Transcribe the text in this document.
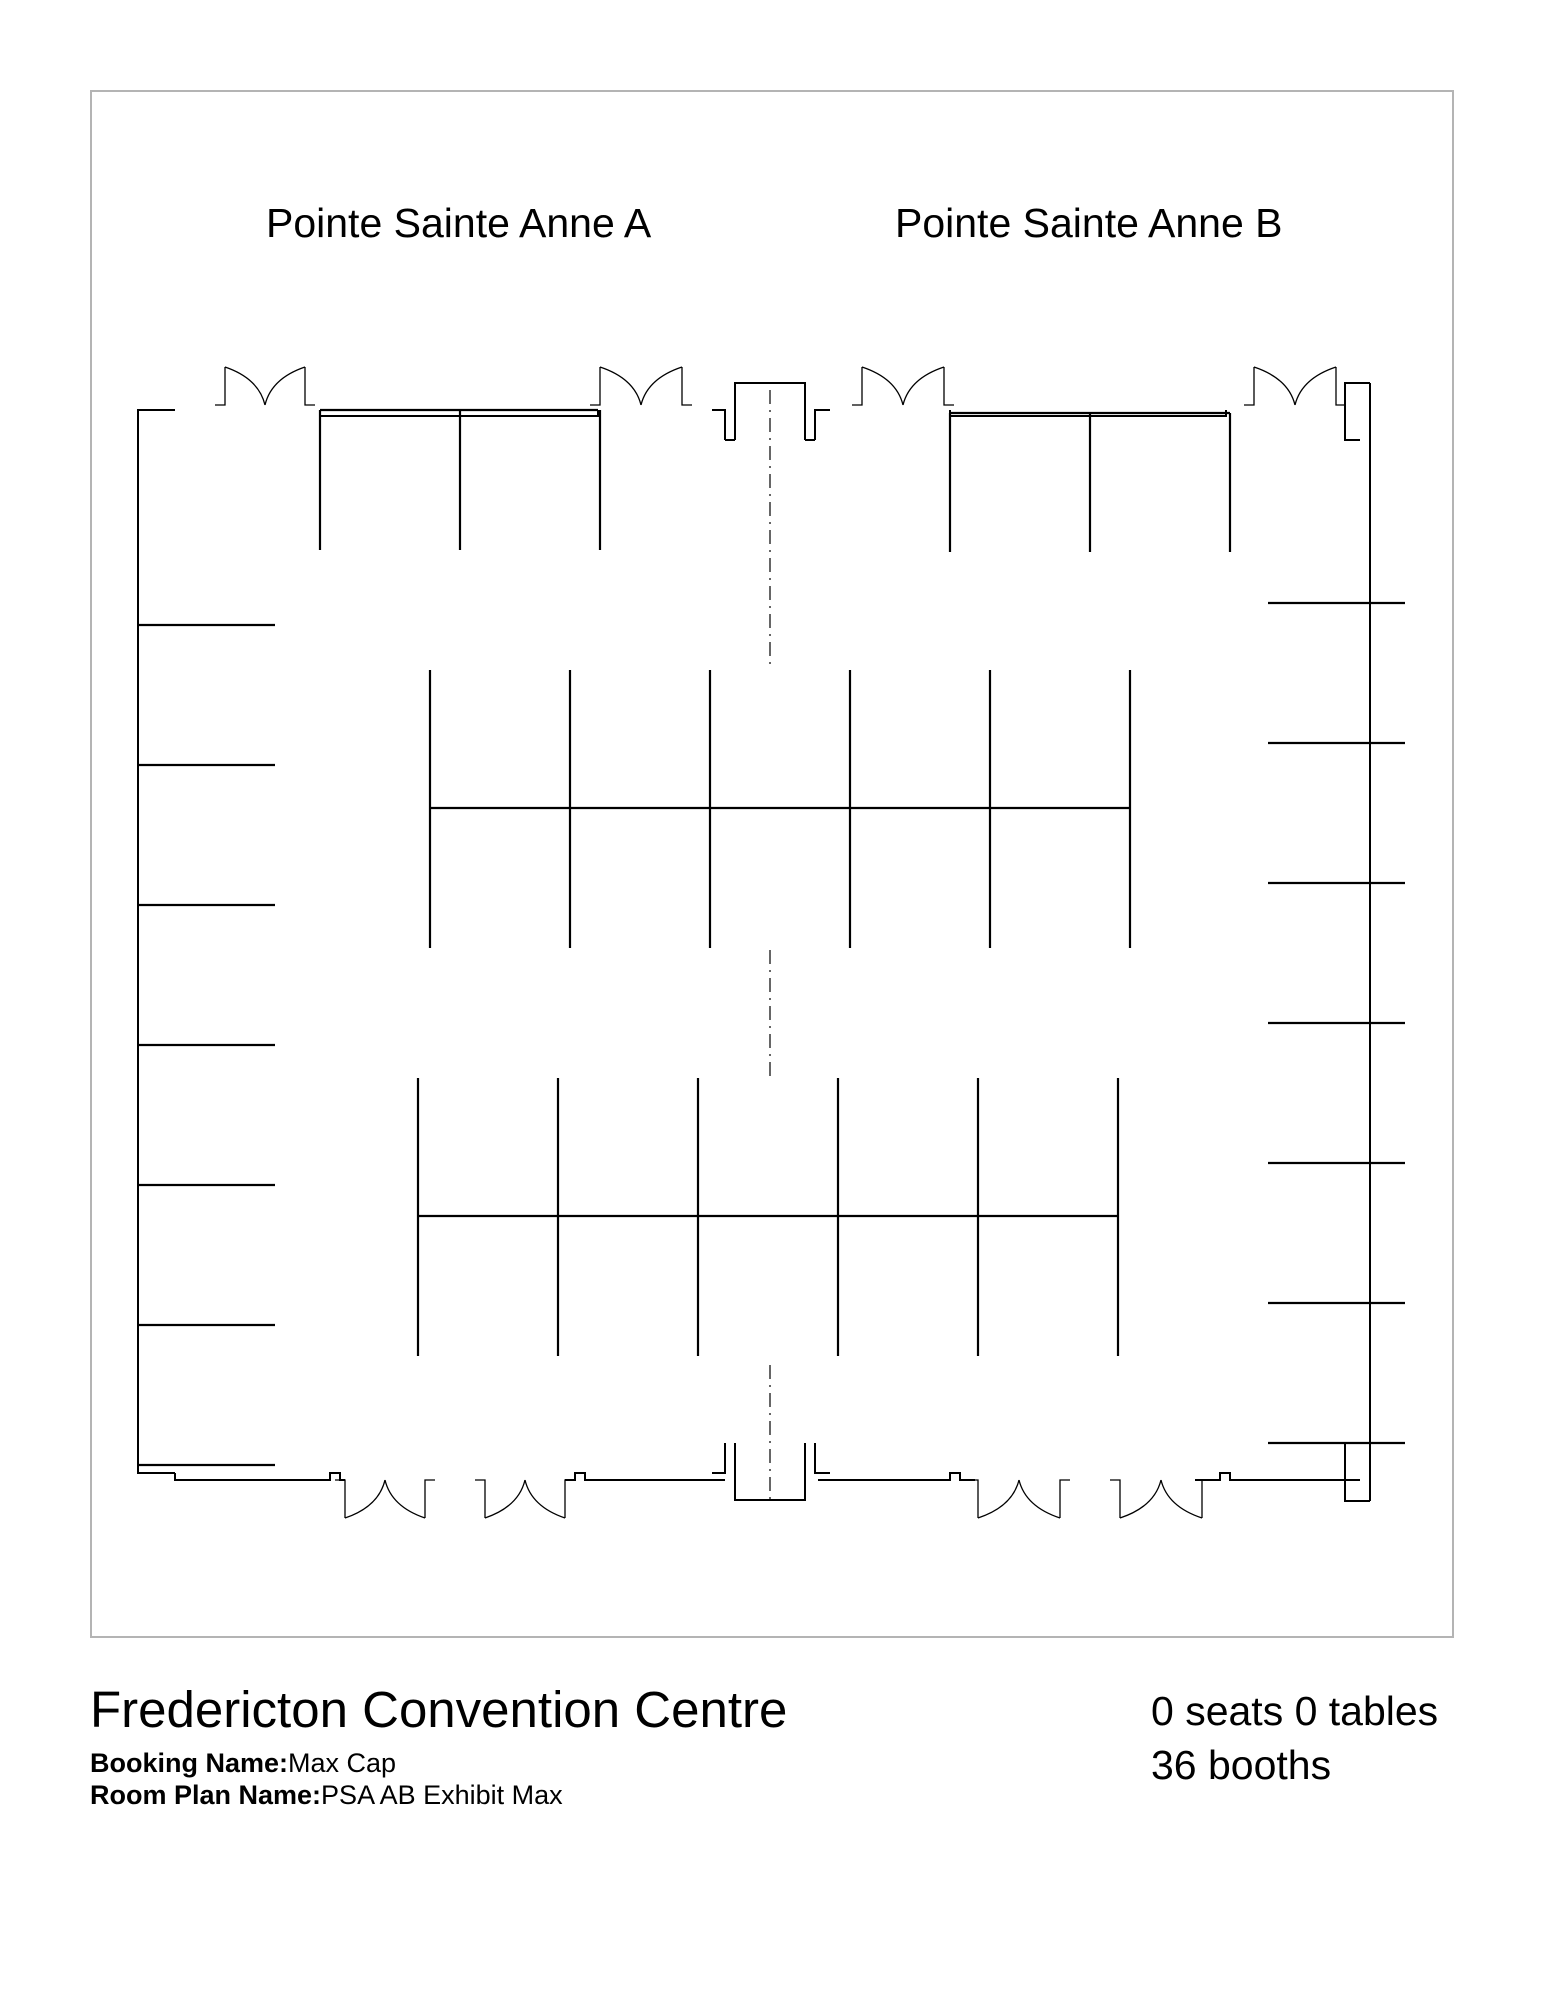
Pointe Sainte Anne A	Pointe Sainte Anne B
Fredericton Convention Centre
Booking Name:Max Cap
Room Plan Name:PSA AB Exhibit Max
0 seats 0 tables
36 booths
